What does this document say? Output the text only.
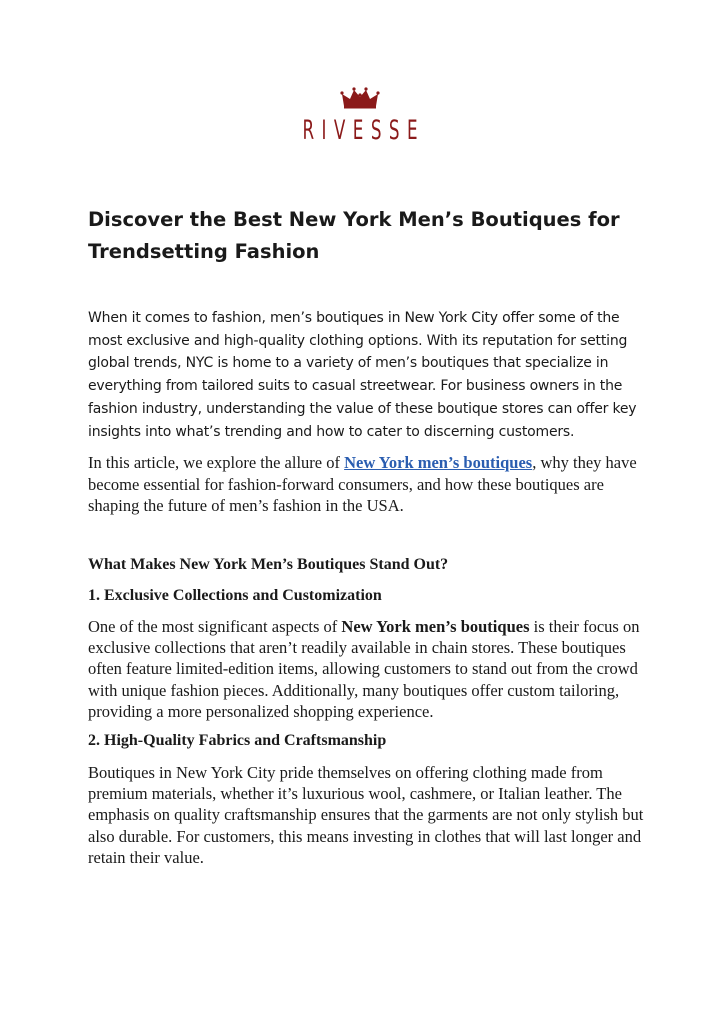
RIVESSE
Discover the Best New York Men’s Boutiques for Trendsetting Fashion

When it comes to fashion, men’s boutiques in New York City offer some of the most exclusive and high-quality clothing options. With its reputation for setting global trends, NYC is home to a variety of men’s boutiques that specialize in everything from tailored suits to casual streetwear. For business owners in the fashion industry, understanding the value of these boutique stores can offer key insights into what’s trending and how to cater to discerning customers.

In this article, we explore the allure of New York men’s boutiques, why they have become essential for fashion-forward consumers, and how these boutiques are shaping the future of men’s fashion in the USA.

What Makes New York Men’s Boutiques Stand Out?
1. Exclusive Collections and Customization

One of the most significant aspects of New York men’s boutiques is their focus on exclusive collections that aren’t readily available in chain stores. These boutiques often feature limited-edition items, allowing customers to stand out from the crowd with unique fashion pieces. Additionally, many boutiques offer custom tailoring, providing a more personalized shopping experience.

2. High-Quality Fabrics and Craftsmanship

Boutiques in New York City pride themselves on offering clothing made from premium materials, whether it’s luxurious wool, cashmere, or Italian leather. The emphasis on quality craftsmanship ensures that the garments are not only stylish but also durable. For customers, this means investing in clothes that will last longer and retain their value.
